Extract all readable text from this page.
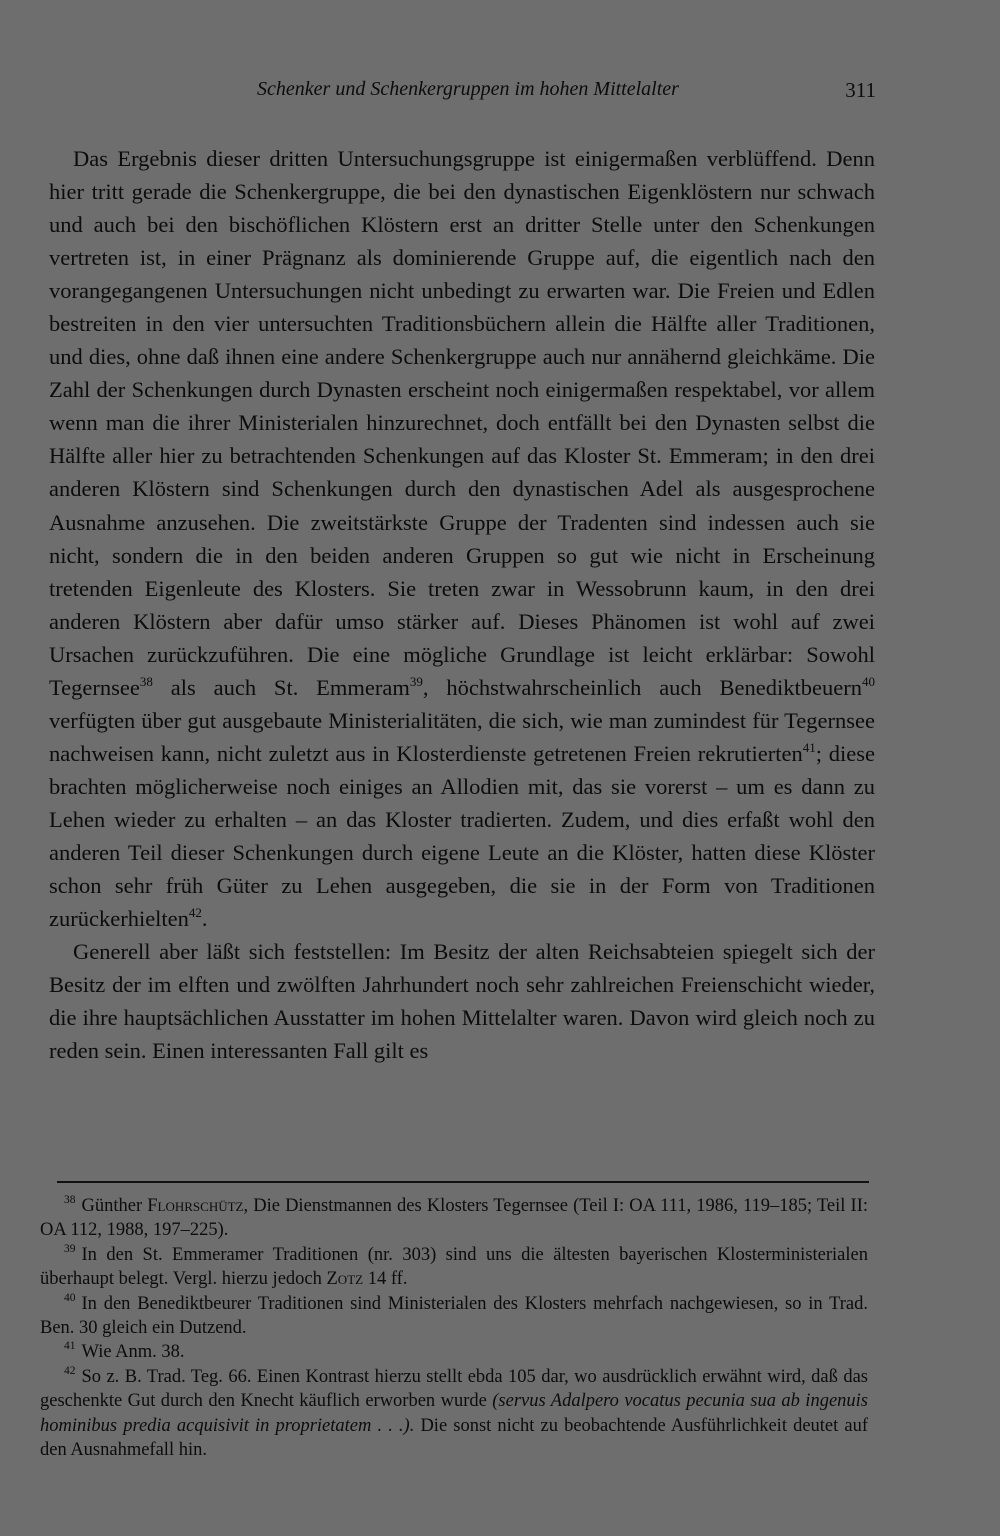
Schenker und Schenkergruppen im hohen Mittelalter	311

Das Ergebnis dieser dritten Untersuchungsgruppe ist einigermaßen verblüffend. Denn hier tritt gerade die Schenkergruppe, die bei den dynastischen Eigenklöstern nur schwach und auch bei den bischöflichen Klöstern erst an dritter Stelle unter den Schenkungen vertreten ist, in einer Prägnanz als dominierende Gruppe auf, die eigentlich nach den vorangegangenen Untersuchungen nicht unbedingt zu erwarten war. Die Freien und Edlen bestreiten in den vier untersuchten Traditionsbüchern allein die Hälfte aller Traditionen, und dies, ohne daß ihnen eine andere Schenkergruppe auch nur annähernd gleichkäme. Die Zahl der Schenkungen durch Dynasten erscheint noch einigermaßen respektabel, vor allem wenn man die ihrer Ministerialen hinzurechnet, doch entfällt bei den Dynasten selbst die Hälfte aller hier zu betrachtenden Schenkungen auf das Kloster St. Emmeram; in den drei anderen Klöstern sind Schenkungen durch den dynastischen Adel als ausgesprochene Ausnahme anzusehen. Die zweitstärkste Gruppe der Tradenten sind indessen auch sie nicht, sondern die in den beiden anderen Gruppen so gut wie nicht in Erscheinung tretenden Eigenleute des Klosters. Sie treten zwar in Wessobrunn kaum, in den drei anderen Klöstern aber dafür umso stärker auf. Dieses Phänomen ist wohl auf zwei Ursachen zurückzuführen. Die eine mögliche Grundlage ist leicht erklärbar: Sowohl Tegernsee$^{38}$ als auch St. Emmeram$^{39}$, höchstwahrscheinlich auch Benediktbeuern$^{40}$ verfügten über gut ausgebaute Ministerialitäten, die sich, wie man zumindest für Tegernsee nachweisen kann, nicht zuletzt aus in Klosterdienste getretenen Freien rekrutierten$^{41}$; diese brachten möglicherweise noch einiges an Allodien mit, das sie vorerst – um es dann zu Lehen wieder zu erhalten – an das Kloster tradierten. Zudem, und dies erfaßt wohl den anderen Teil dieser Schenkungen durch eigene Leute an die Klöster, hatten diese Klöster schon sehr früh Güter zu Lehen ausgegeben, die sie in der Form von Traditionen zurückerhielten$^{42}$.

Generell aber läßt sich feststellen: Im Besitz der alten Reichsabteien spiegelt sich der Besitz der im elften und zwölften Jahrhundert noch sehr zahlreichen Freienschicht wieder, die ihre hauptsächlichen Ausstatter im hohen Mittelalter waren. Davon wird gleich noch zu reden sein. Einen interessanten Fall gilt es

$^{38}$ Günther Flohrschütz, Die Dienstmannen des Klosters Tegernsee (Teil I: OA 111, 1986, 119–185; Teil II: OA 112, 1988, 197–225).

$^{39}$ In den St. Emmeramer Traditionen (nr. 303) sind uns die ältesten bayerischen Klosterministerialen überhaupt belegt. Vergl. hierzu jedoch Zotz 14 ff.

$^{40}$ In den Benediktbeurer Traditionen sind Ministerialen des Klosters mehrfach nachgewiesen, so in Trad. Ben. 30 gleich ein Dutzend.

$^{41}$ Wie Anm. 38.

$^{42}$ So z. B. Trad. Teg. 66. Einen Kontrast hierzu stellt ebda 105 dar, wo ausdrücklich erwähnt wird, daß das geschenkte Gut durch den Knecht käuflich erworben wurde (servus Adalpero vocatus pecunia sua ab ingenuis hominibus predia acquisivit in proprietatem . . .). Die sonst nicht zu beobachtende Ausführlichkeit deutet auf den Ausnahmefall hin.
